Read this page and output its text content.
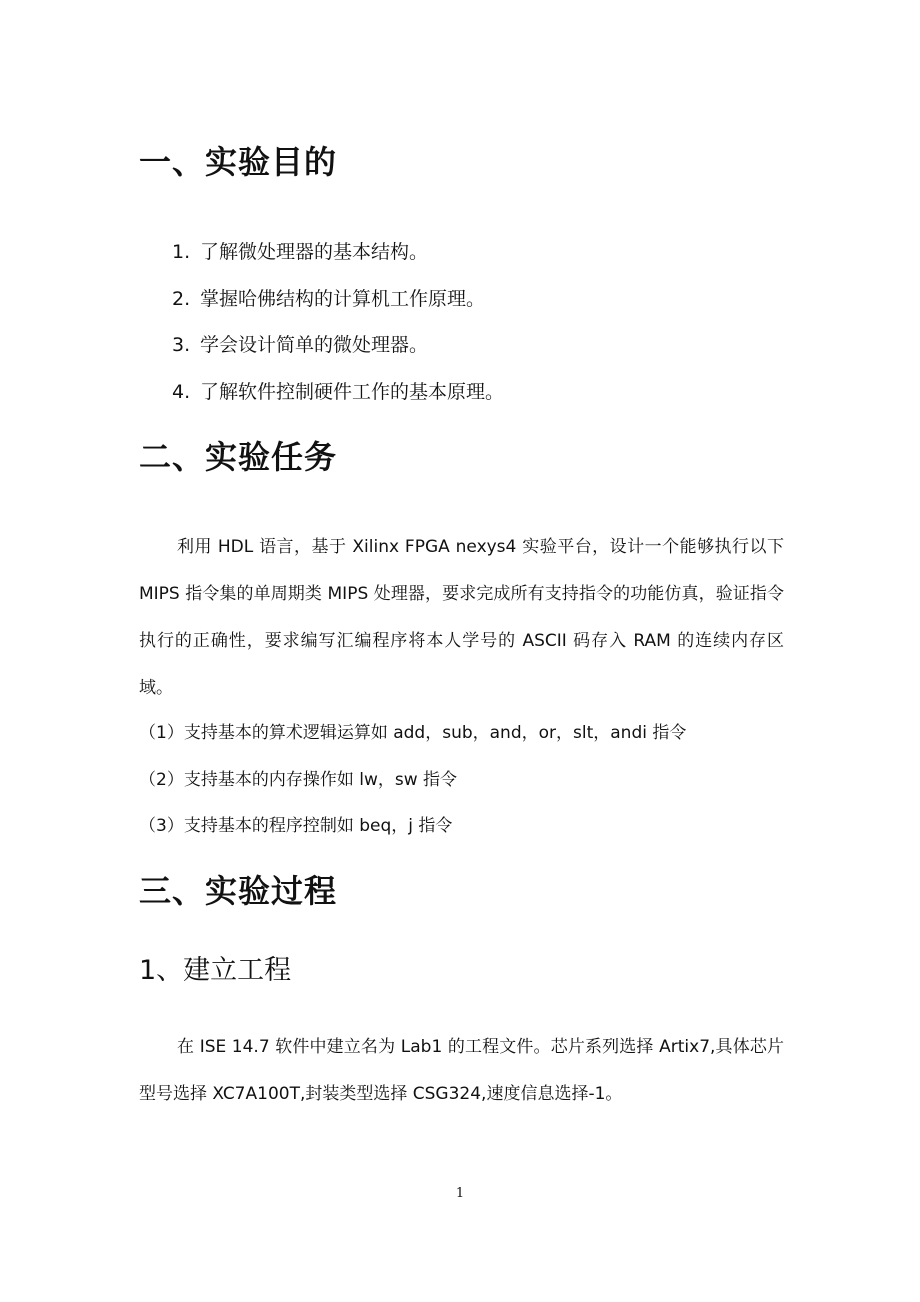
一、实验目的
1. 了解微处理器的基本结构。
2. 掌握哈佛结构的计算机工作原理。
3. 学会设计简单的微处理器。
4. 了解软件控制硬件工作的基本原理。
二、实验任务

利用 HDL 语言，基于 Xilinx FPGA nexys4 实验平台，设计一个能够执行以下 MIPS 指令集的单周期类 MIPS 处理器，要求完成所有支持指令的功能仿真，验证指令执行的正确性，要求编写汇编程序将本人学号的 ASCII 码存入 RAM 的连续内存区域。

（1）支持基本的算术逻辑运算如 add，sub，and，or，slt，andi 指令
（2）支持基本的内存操作如 lw，sw 指令
（3）支持基本的程序控制如 beq，j 指令
三、实验过程
1、建立工程

在 ISE 14.7 软件中建立名为 Lab1 的工程文件。芯片系列选择 Artix7,具体芯片型号选择 XC7A100T,封装类型选择 CSG324,速度信息选择-1。

1
